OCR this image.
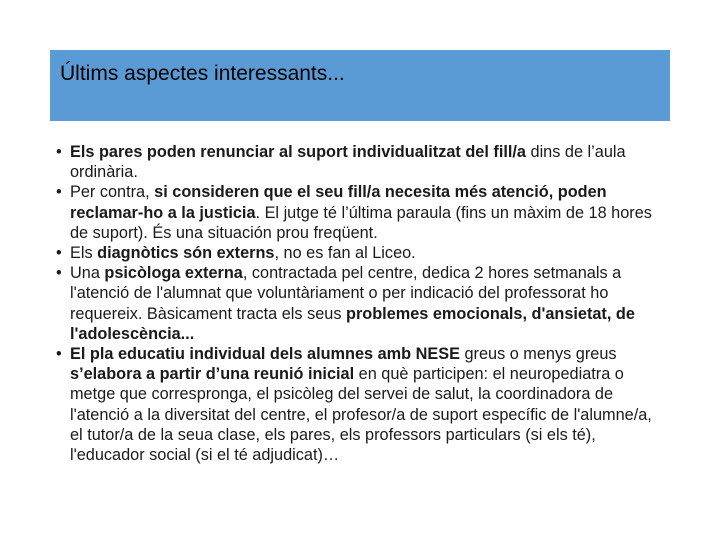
Últims aspectes interessants...
• Els pares poden renunciar al suport individualitzat del fill/a dins de l’aula ordinària.
• Per contra, si consideren que el seu fill/a necesita més atenció, poden reclamar-ho a la justicia. El jutge té l’última paraula (fins un màxim de 18 hores de suport). És una situación prou freqüent.
• Els diagnòtics són externs, no es fan al Liceo.
• Una psicòloga externa, contractada pel centre, dedica 2 hores setmanals a l'atenció de l'alumnat que voluntàriament o per indicació del professorat ho requereix. Bàsicament tracta els seus problemes emocionals, d'ansietat, de l'adolescència...
• El pla educatiu individual dels alumnes amb NESE greus o menys greus s’elabora a partir d’una reunió inicial en què participen: el neuropediatra o metge que correspronga, el psicòleg del servei de salut, la coordinadora de l'atenció a la diversitat del centre, el profesor/a de suport específic de l'alumne/a, el tutor/a de la seua clase, els pares, els professors particulars (si els té), l'educador social (si el té adjudicat)…
